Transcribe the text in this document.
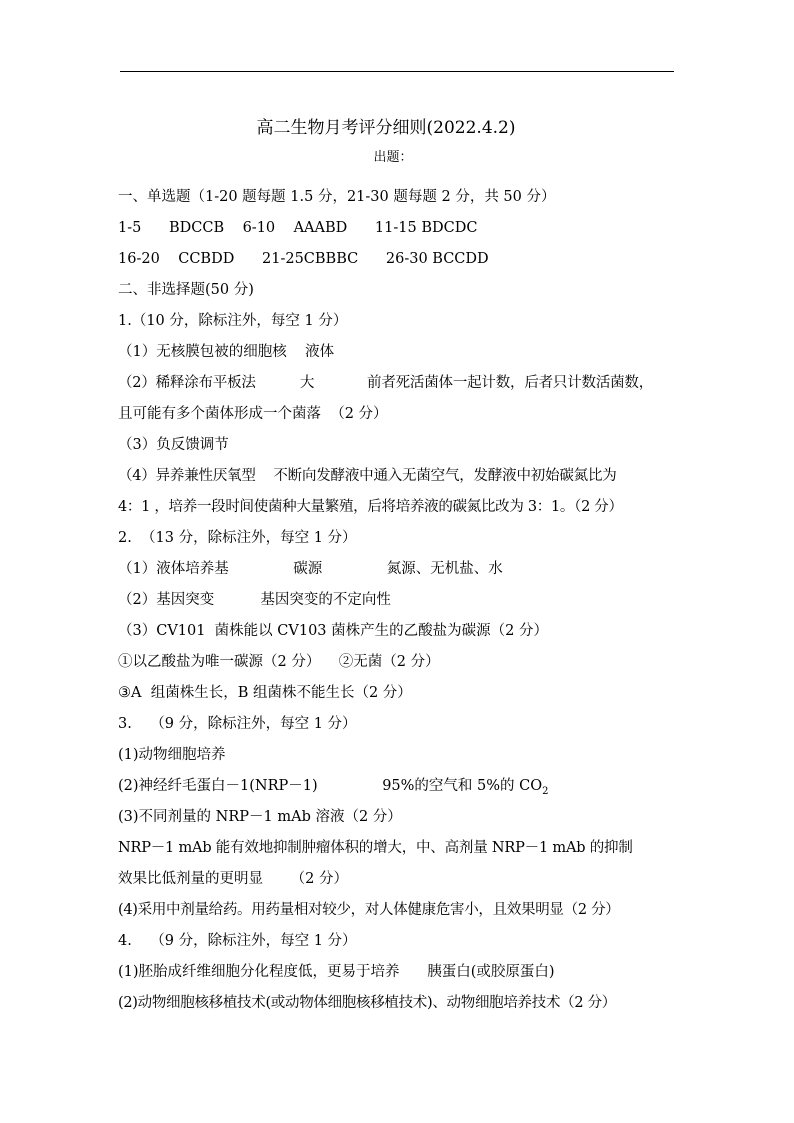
高二生物月考评分细则(2022.4.2)
出题：
一、单选题（1-20 题每题 1.5 分，21-30 题每题 2 分，共 50 分）
1-5      BDCCB    6-10    AAABD      11-15 BDCDC
16-20    CCBDD      21-25CBBBC      26-30 BCCDD
二、非选择题(50 分)
1.（10 分，除标注外，每空 1 分）
（1）无核膜包被的细胞核    液体
（2）稀释涂布平板法          大            前者死活菌体一起计数，后者只计数活菌数，
且可能有多个菌体形成一个菌落  （2 分）
（3）负反馈调节
（4）异养兼性厌氧型    不断向发酵液中通入无菌空气，发酵液中初始碳氮比为
4：1 ，培养一段时间使菌种大量繁殖，后将培养液的碳氮比改为 3：1。（2 分）
2.  （13 分，除标注外，每空 1 分）
（1）液体培养基              碳源              氮源、无机盐、水
（2）基因突变          基因突变的不定向性
（3）CV101  菌株能以 CV103 菌株产生的乙酸盐为碳源（2 分）
①以乙酸盐为唯一碳源（2 分）    ②无菌（2 分）
③A  组菌株生长，B 组菌株不能生长（2 分）
3.    （9 分，除标注外，每空 1 分）
(1)动物细胞培养
(2)神经纤毛蛋白－1(NRP－1)              95%的空气和 5%的 $CO_2$
(3)不同剂量的 NRP－1 mAb 溶液（2 分）
NRP－1 mAb 能有效地抑制肿瘤体积的增大，中、高剂量 NRP－1 mAb 的抑制
效果比低剂量的更明显      （2 分）
(4)采用中剂量给药。用药量相对较少，对人体健康危害小，且效果明显（2 分）
4.    （9 分，除标注外，每空 1 分）
(1)胚胎成纤维细胞分化程度低，更易于培养      胰蛋白(或胶原蛋白)
(2)动物细胞核移植技术(或动物体细胞核移植技术)、动物细胞培养技术（2 分）
